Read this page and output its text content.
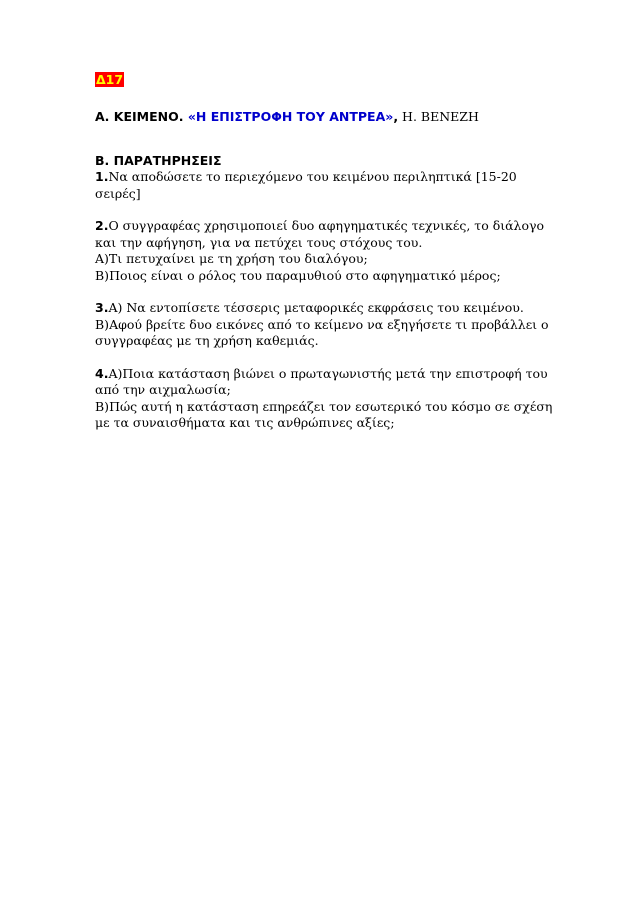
Δ17
Α. ΚΕΙΜΕΝΟ. «Η ΕΠΙΣΤΡΟΦΗ ΤΟΥ ΑΝΤΡΕΑ», Η. ΒΕΝΕΖΗ
Β. ΠΑΡΑΤΗΡΗΣΕΙΣ
1.Να αποδώσετε το περιεχόμενο του κειμένου περιληπτικά [15-20
σειρές]
2.Ο συγγραφέας χρησιμοποιεί δυο αφηγηματικές τεχνικές, το διάλογο
και την αφήγηση, για να πετύχει τους στόχους του.
Α)Τι πετυχαίνει με τη χρήση του διαλόγου;
Β)Ποιος είναι ο ρόλος του παραμυθιού στο αφηγηματικό μέρος;
3.Α) Να εντοπίσετε τέσσερις μεταφορικές εκφράσεις του κειμένου.
Β)Αφού βρείτε δυο εικόνες από το κείμενο να εξηγήσετε τι προβάλλει ο
συγγραφέας με τη χρήση καθεμιάς.
4.Α)Ποια κατάσταση βιώνει ο πρωταγωνιστής μετά την επιστροφή του
από την αιχμαλωσία;
Β)Πώς αυτή η κατάσταση επηρεάζει τον εσωτερικό του κόσμο σε σχέση
με τα συναισθήματα και τις ανθρώπινες αξίες;
